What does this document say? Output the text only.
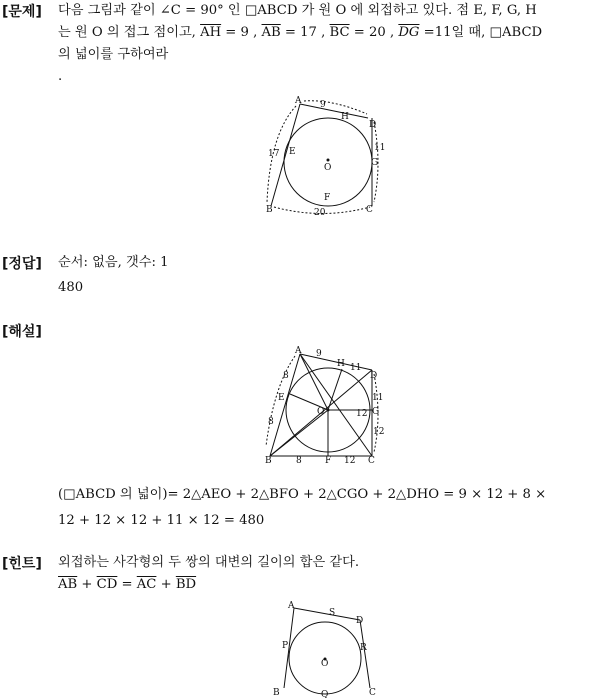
[문제] 다음 그림과 같이 ∠C = 90° 인 □ABCD 가 원 O 에 외접하고 있다. 점 E, F, G, H
는 원 O 의 접그 점이고, $\overline{AH} = 9$ , $\overline{AB} = 17$ , $\overline{BC} = 20$ , $\overline{DG} =11$일 때, □ABCD
의 넓이를 구하여라
.
A 9
H
D
17 E
O
11
G
F
B	20	C
[정답] 순서: 없음, 갯수: 1
480
[해설]
A 9
H 11
D
8
E
8
O
11
G
12
12
B	8	F 12 C
(□ABCD 의 넓이)= 2△AEO + 2△BFO + 2△CGO + 2△DHO = 9 × 12 + 8 ×
12 + 12 × 12 + 11 × 12 = 480
[힌트] 외접하는 사각형의 두 쌍의 대변의 길이의 합은 같다.
$\overline{AB} + \overline{CD} = \overline{AC} + \overline{BD}$
A
S
D
P
O
R
B	Q	C
